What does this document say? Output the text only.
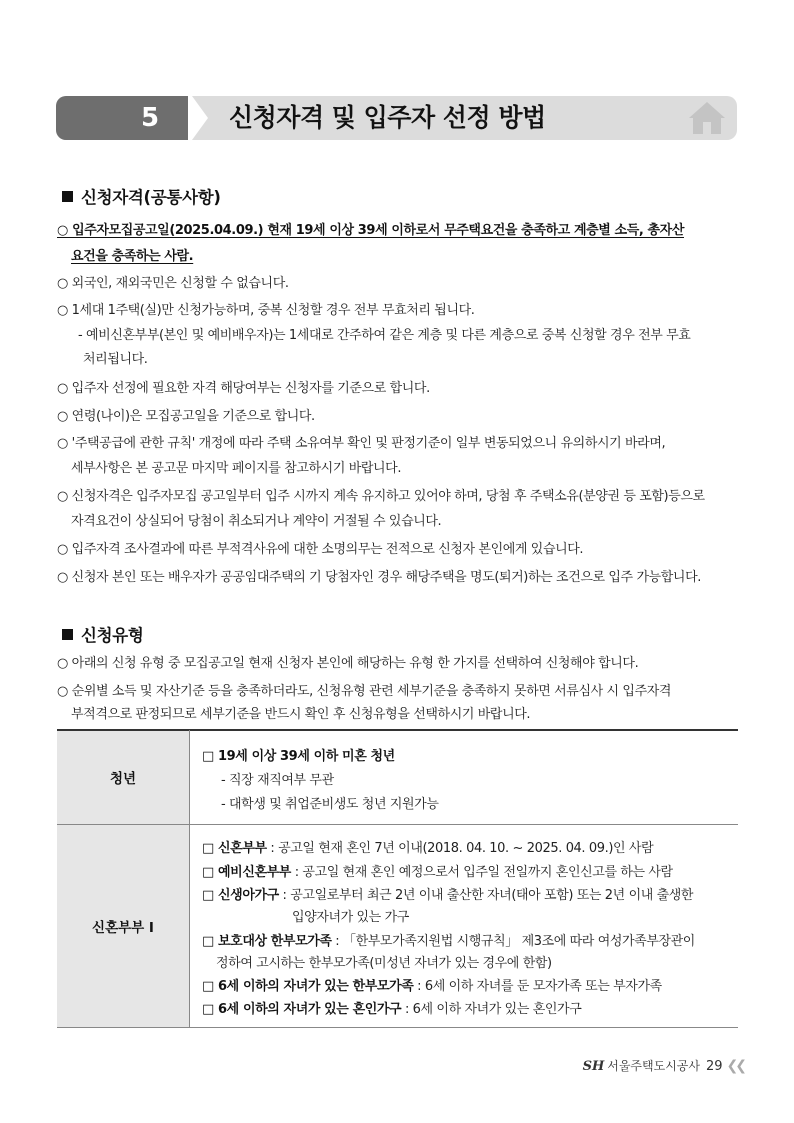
5	신청자격 및 입주자 선정 방법
신청자격(공통사항)
○ 입주자모집공고일(2025.04.09.) 현재 19세 이상 39세 이하로서 무주택요건을 충족하고 계층별 소득, 총자산
요건을 충족하는 사람.
○ 외국인, 재외국민은 신청할 수 없습니다.
○ 1세대 1주택(실)만 신청가능하며, 중복 신청할 경우 전부 무효처리 됩니다.
- 예비신혼부부(본인 및 예비배우자)는 1세대로 간주하여 같은 계층 및 다른 계층으로 중복 신청할 경우 전부 무효
처리됩니다.
○ 입주자 선정에 필요한 자격 해당여부는 신청자를 기준으로 합니다.
○ 연령(나이)은 모집공고일을 기준으로 합니다.
○ '주택공급에 관한 규칙' 개정에 따라 주택 소유여부 확인 및 판정기준이 일부 변동되었으니 유의하시기 바라며,
세부사항은 본 공고문 마지막 페이지를 참고하시기 바랍니다.
○ 신청자격은 입주자모집 공고일부터 입주 시까지 계속 유지하고 있어야 하며, 당첨 후 주택소유(분양권 등 포함)등으로
자격요건이 상실되어 당첨이 취소되거나 계약이 거절될 수 있습니다.
○ 입주자격 조사결과에 따른 부적격사유에 대한 소명의무는 전적으로 신청자 본인에게 있습니다.
○ 신청자 본인 또는 배우자가 공공임대주택의 기 당첨자인 경우 해당주택을 명도(퇴거)하는 조건으로 입주 가능합니다.
신청유형
○ 아래의 신청 유형 중 모집공고일 현재 신청자 본인에 해당하는 유형 한 가지를 선택하여 신청해야 합니다.
○ 순위별 소득 및 자산기준 등을 충족하더라도, 신청유형 관련 세부기준을 충족하지 못하면 서류심사 시 입주자격
부적격으로 판정되므로 세부기준을 반드시 확인 후 신청유형을 선택하시기 바랍니다.
청년
□ 19세 이상 39세 이하 미혼 청년
- 직장 재직여부 무관
- 대학생 및 취업준비생도 청년 지원가능
신혼부부 Ⅰ
□ 신혼부부 : 공고일 현재 혼인 7년 이내(2018. 04. 10. ~ 2025. 04. 09.)인 사람
□ 예비신혼부부 : 공고일 현재 혼인 예정으로서 입주일 전일까지 혼인신고를 하는 사람
□ 신생아가구 : 공고일로부터 최근 2년 이내 출산한 자녀(태아 포함) 또는 2년 이내 출생한
입양자녀가 있는 가구
□ 보호대상 한부모가족 : 「한부모가족지원법 시행규칙」 제3조에 따라 여성가족부장관이
정하여 고시하는 한부모가족(미성년 자녀가 있는 경우에 한함)
□ 6세 이하의 자녀가 있는 한부모가족 : 6세 이하 자녀를 둔 모자가족 또는 부자가족
□ 6세 이하의 자녀가 있는 혼인가구 : 6세 이하 자녀가 있는 혼인가구
SH 서울주택도시공사 29 ❮❮
